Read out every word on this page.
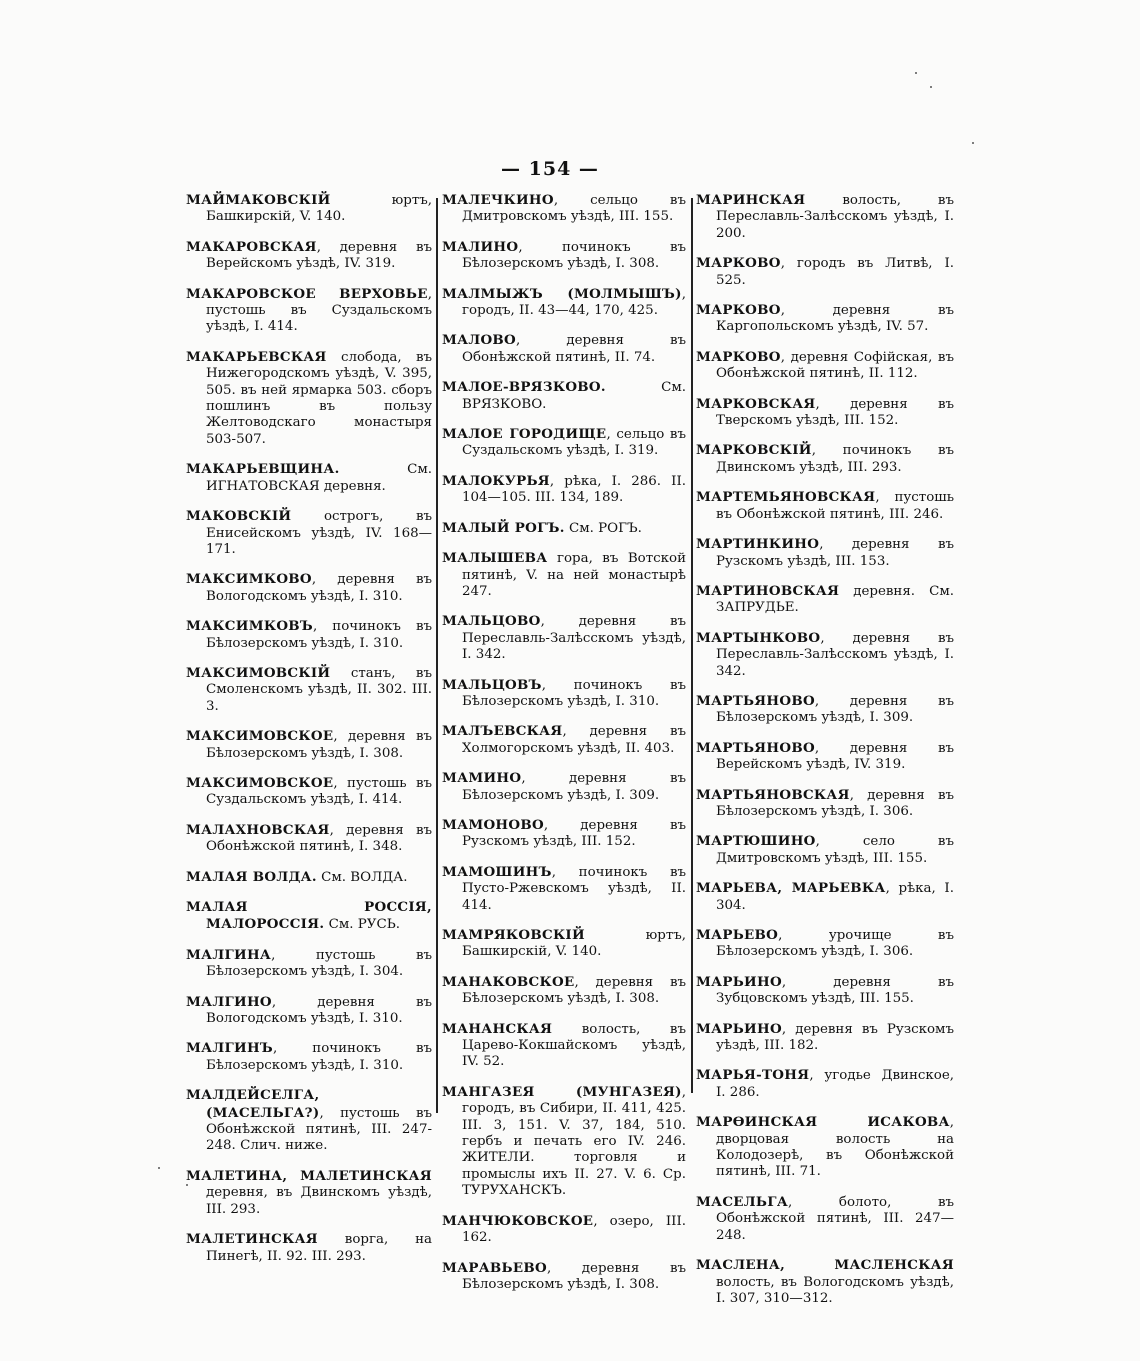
— 154 —

МАЙМАКОВСКІЙ юртъ, Башкирскій, V. 140.

МАКАРОВСКАЯ, деревня въ Верейскомъ уѣздѣ, IV. 319.

МАКАРОВСКОЕ ВЕРХОВЬЕ, пустошь въ Суздальскомъ уѣздѣ, I. 414.

МАКАРЬЕВСКАЯ слобода, въ Нижегородскомъ уѣздѣ, V. 395, 505. въ ней ярмарка 503. сборъ пошлинъ въ пользу Желтоводскаго монастыря 503-507.

МАКАРЬЕВЩИНА. См. ИГНАТОВСКАЯ деревня.

МАКОВСКІЙ острогъ, въ Енисейскомъ уѣздѣ, IV. 168—171.

МАКСИМКОВО, деревня въ Вологодскомъ уѣздѣ, I. 310.

МАКСИМКОВЪ, починокъ въ Бѣлозерскомъ уѣздѣ, I. 310.

МАКСИМОВСКІЙ станъ, въ Смоленскомъ уѣздѣ, II. 302. III. 3.

МАКСИМОВСКОЕ, деревня въ Бѣлозерскомъ уѣздѣ, I. 308.

МАКСИМОВСКОЕ, пустошь въ Суздальскомъ уѣздѣ, I. 414.

МАЛАХНОВСКАЯ, деревня въ Обонѣжской пятинѣ, I. 348.

МАЛАЯ ВОЛДА. См. ВОЛДА.

МАЛАЯ РОССІЯ, МАЛОРОССІЯ. См. РУСЬ.

МАЛГИНА, пустошь въ Бѣлозерскомъ уѣздѣ, I. 304.

МАЛГИНО, деревня въ Вологодскомъ уѣздѣ, I. 310.

МАЛГИНЪ, починокъ въ Бѣлозерскомъ уѣздѣ, I. 310.

МАЛДЕЙСЕЛГА, (МАСЕЛЬГА?), пустошь въ Обонѣжской пятинѣ, III. 247-248. Слич. ниже.

МАЛЕТИНА, МАЛЕТИНСКАЯ деревня, въ Двинскомъ уѣздѣ, III. 293.

МАЛЕТИНСКАЯ ворга, на Пинегѣ, II. 92. III. 293.

МАЛЕЧКИНО, сельцо въ Дмитровскомъ уѣздѣ, III. 155.

МАЛИНО, починокъ въ Бѣлозерскомъ уѣздѣ, I. 308.

МАЛМЫЖЪ (МОЛМЫШЪ), городъ, II. 43—44, 170, 425.

МАЛОВО, деревня въ Обонѣжской пятинѣ, II. 74.

МАЛОЕ-ВРЯЗКОВО. См. ВРЯЗКОВО.

МАЛОЕ ГОРОДИЩЕ, сельцо въ Суздальскомъ уѣздѣ, I. 319.

МАЛОКУРЬЯ, рѣка, I. 286. II. 104—105. III. 134, 189.

МАЛЫЙ РОГЪ. См. РОГЪ.

МАЛЫШЕВА гора, въ Вотской пятинѣ, V. на ней монастырѣ 247.

МАЛЬЦОВО, деревня въ Переславль-Залѣсскомъ уѣздѣ, I. 342.

МАЛЬЦОВЪ, починокъ въ Бѣлозерскомъ уѣздѣ, I. 310.

МАЛЪЕВСКАЯ, деревня въ Холмогорскомъ уѣздѣ, II. 403.

МАМИНО, деревня въ Бѣлозерскомъ уѣздѣ, I. 309.

МАМОНОВО, деревня въ Рузскомъ уѣздѣ, III. 152.

МАМОШИНЪ, починокъ въ Пусто-Ржевскомъ уѣздѣ, II. 414.

МАМРЯКОВСКІЙ юртъ, Башкирскій, V. 140.

МАНАКОВСКОЕ, деревня въ Бѣлозерскомъ уѣздѣ, I. 308.

МАНАНСКАЯ волость, въ Царево-Кокшайскомъ уѣздѣ, IV. 52.

МАНГАЗЕЯ (МУНГАЗЕЯ), городъ, въ Сибири, II. 411, 425. III. 3, 151. V. 37, 184, 510. гербъ и печать его IV. 246. ЖИТЕЛИ. торговля и промыслы ихъ II. 27. V. 6. Ср. ТУРУХАНСКЪ.

МАНЧЮКОВСКОЕ, озеро, III. 162.

МАРАВЬЕВО, деревня въ Бѣлозерскомъ уѣздѣ, I. 308.

МАРИНСКАЯ волость, въ Переславль-Залѣсскомъ уѣздѣ, I. 200.

МАРКОВО, городъ въ Литвѣ, I. 525.

МАРКОВО, деревня въ Каргопольскомъ уѣздѣ, IV. 57.

МАРКОВО, деревня Софійская, въ Обонѣжской пятинѣ, II. 112.

МАРКОВСКАЯ, деревня въ Тверскомъ уѣздѣ, III. 152.

МАРКОВСКІЙ, починокъ въ Двинскомъ уѣздѣ, III. 293.

МАРТЕМЬЯНОВСКАЯ, пустошь въ Обонѣжской пятинѣ, III. 246.

МАРТИНКИНО, деревня въ Рузскомъ уѣздѣ, III. 153.

МАРТИНОВСКАЯ деревня. См. ЗАПРУДЬЕ.

МАРТЫНКОВО, деревня въ Переславль-Залѣсскомъ уѣздѣ, I. 342.

МАРТЬЯНОВО, деревня въ Бѣлозерскомъ уѣздѣ, I. 309.

МАРТЬЯНОВО, деревня въ Верейскомъ уѣздѣ, IV. 319.

МАРТЬЯНОВСКАЯ, деревня въ Бѣлозерскомъ уѣздѣ, I. 306.

МАРТЮШИНО, село въ Дмитровскомъ уѣздѣ, III. 155.

МАРЬЕВА, МАРЬЕВКА, рѣка, I. 304.

МАРЬЕВО, урочище въ Бѣлозерскомъ уѣздѣ, I. 306.

МАРЬИНО, деревня въ Зубцовскомъ уѣздѣ, III. 155.

МАРЬИНО, деревня въ Рузскомъ уѣздѣ, III. 182.

МАРЬЯ-ТОНЯ, угодье Двинское, I. 286.

МАРѲИНСКАЯ ИСАКОВА, дворцовая волость на Колодозерѣ, въ Обонѣжской пятинѣ, III. 71.

МАСЕЛЬГА, болото, въ Обонѣжской пятинѣ, III. 247—248.

МАСЛЕНА, МАСЛЕНСКАЯ волость, въ Вологодскомъ уѣздѣ, I. 307, 310—312.
